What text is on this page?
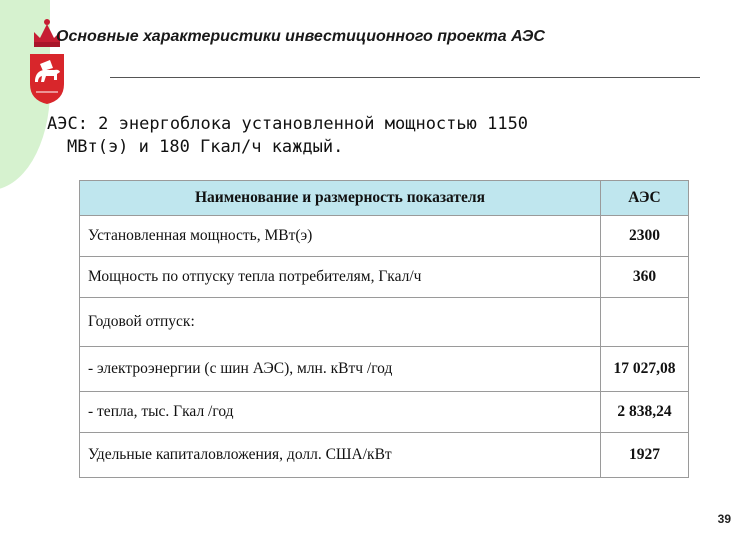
Основные характеристики инвестиционного проекта АЭС
АЭС: 2 энергоблока установленной мощностью 1150
МВт(э) и 180 Гкал/ч каждый.
Наименование и размерность показателя	АЭС
Установленная мощность, МВт(э)	2300
Мощность по отпуску тепла потребителям, Гкал/ч	360
Годовой отпуск:	
- электроэнергии (с шин АЭС), млн. кВтч /год	17 027,08
- тепла, тыс. Гкал /год	2 838,24
Удельные капиталовложения, долл. США/кВт	1927
39
